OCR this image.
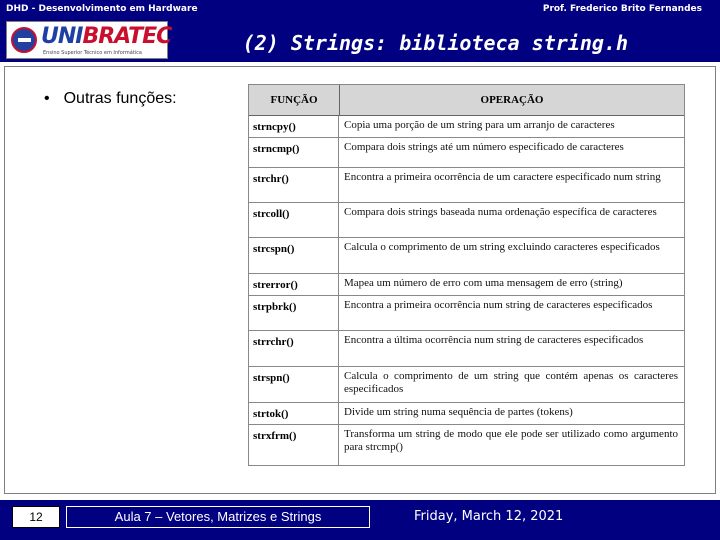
DHD - Desenvolvimento em Hardware	Prof. Frederico Brito Fernandes
UNIBRATEC
Ensino Superior Técnico em Informática	(2) Strings: biblioteca string.h
• Outras funções:	FUNÇÃO	OPERAÇÃO
strncpy()	Copia uma porção de um string para um arranjo de caracteres
strncmp()	Compara dois strings até um número especificado de caracteres
strchr()	Encontra a primeira ocorrência de um caractere especificado num string
strcoll()	Compara dois strings baseada numa ordenação específica de caracteres
strcspn()	Calcula o comprimento de um string excluindo caracteres especificados
strerror()	Mapea um número de erro com uma mensagem de erro (string)
strpbrk()	Encontra a primeira ocorrência num string de caracteres especificados
strrchr()	Encontra a última ocorrência num string de caracteres especificados
strspn()	Calcula o comprimento de um string que contém apenas os caracteres especificados
strtok()	Divide um string numa sequência de partes (tokens)
strxfrm()	Transforma um string de modo que ele pode ser utilizado como argumento para strcmp()
12	Aula 7 – Vetores, Matrizes e Strings	Friday, March 12, 2021
